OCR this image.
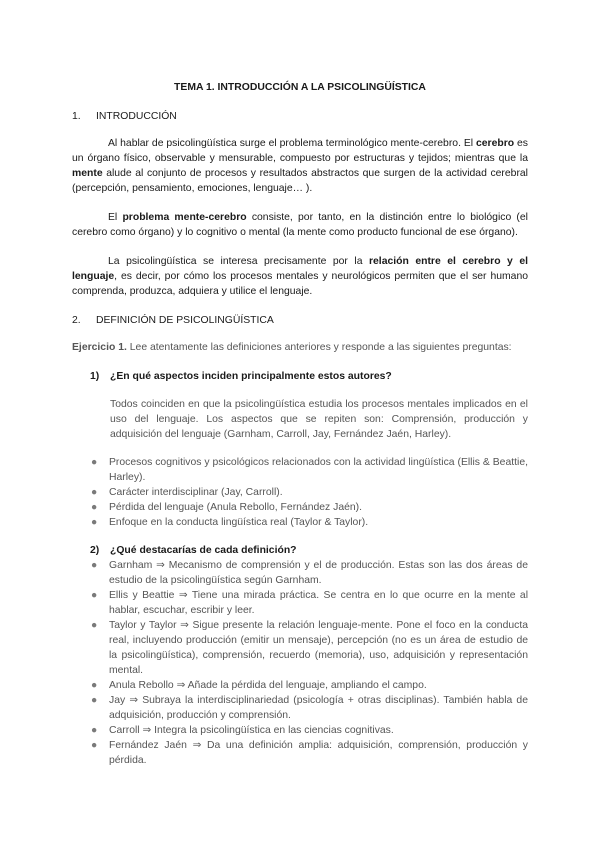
TEMA 1. INTRODUCCIÓN A LA PSICOLINGÜÍSTICA
1. INTRODUCCIÓN

Al hablar de psicolingüística surge el problema terminológico mente-cerebro. El cerebro es un órgano físico, observable y mensurable, compuesto por estructuras y tejidos; mientras que la mente alude al conjunto de procesos y resultados abstractos que surgen de la actividad cerebral (percepción, pensamiento, emociones, lenguaje… ).

El problema mente-cerebro consiste, por tanto, en la distinción entre lo biológico (el cerebro como órgano) y lo cognitivo o mental (la mente como producto funcional de ese órgano).

La psicolingüística se interesa precisamente por la relación entre el cerebro y el lenguaje, es decir, por cómo los procesos mentales y neurológicos permiten que el ser humano comprenda, produzca, adquiera y utilice el lenguaje.

2. DEFINICIÓN DE PSICOLINGÜÍSTICA

Ejercicio 1. Lee atentamente las definiciones anteriores y responde a las siguientes preguntas:

1) ¿En qué aspectos inciden principalmente estos autores?

Todos coinciden en que la psicolingüística estudia los procesos mentales implicados en el uso del lenguaje. Los aspectos que se repiten son: Comprensión, producción y adquisición del lenguaje (Garnham, Carroll, Jay, Fernández Jaén, Harley).

● Procesos cognitivos y psicológicos relacionados con la actividad lingüística (Ellis & Beattie, Harley).
● Carácter interdisciplinar (Jay, Carroll).
● Pérdida del lenguaje (Anula Rebollo, Fernández Jaén).
● Enfoque en la conducta lingüística real (Taylor & Taylor).
2) ¿Qué destacarías de cada definición?
● Garnham ⇒ Mecanismo de comprensión y el de producción. Estas son las dos áreas de estudio de la psicolingüística según Garnham.
● Ellis y Beattie ⇒ Tiene una mirada práctica. Se centra en lo que ocurre en la mente al hablar, escuchar, escribir y leer.
● Taylor y Taylor ⇒ Sigue presente la relación lenguaje-mente. Pone el foco en la conducta real, incluyendo producción (emitir un mensaje), percepción (no es un área de estudio de la psicolingüística), comprensión, recuerdo (memoria), uso, adquisición y representación mental.
● Anula Rebollo ⇒ Añade la pérdida del lenguaje, ampliando el campo.
● Jay ⇒ Subraya la interdisciplinariedad (psicología + otras disciplinas). También habla de adquisición, producción y comprensión.
● Carroll ⇒ Integra la psicolingüística en las ciencias cognitivas.
● Fernández Jaén ⇒ Da una definición amplia: adquisición, comprensión, producción y pérdida.
